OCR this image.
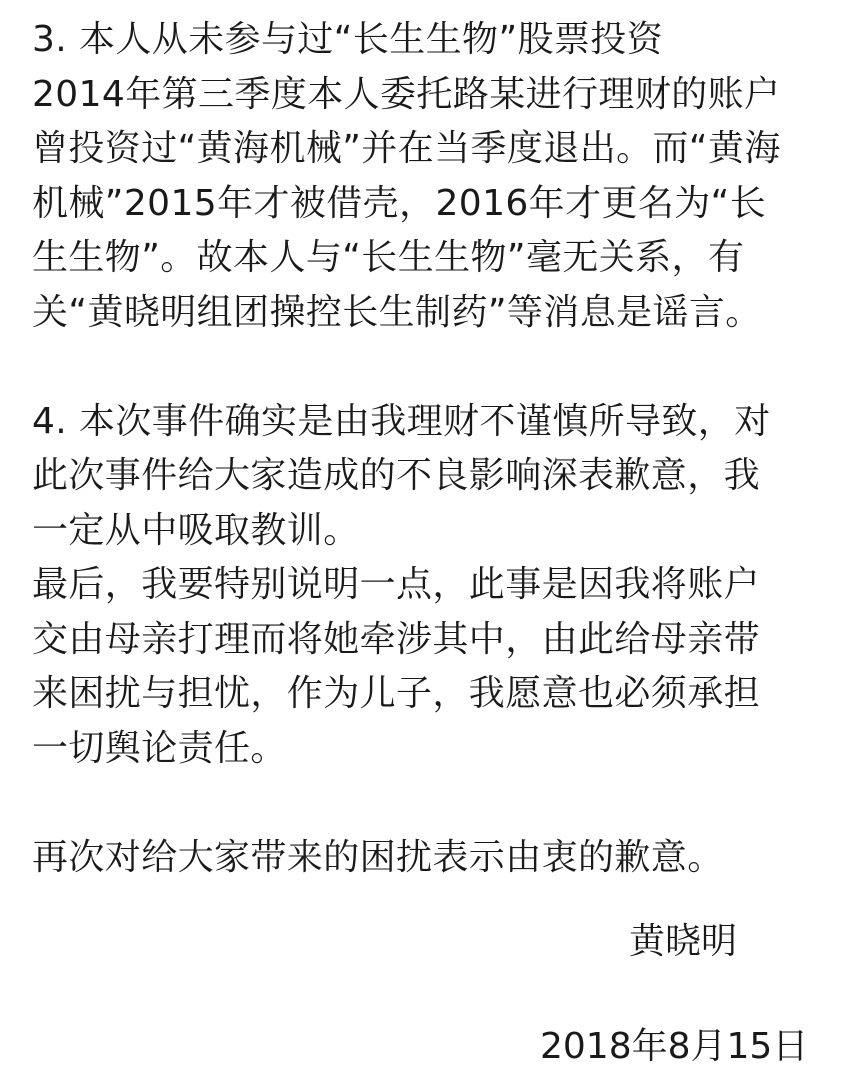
3. 本人从未参与过“长生生物”股票投资
2014年第三季度本人委托路某进行理财的账户
曾投资过“黄海机械”并在当季度退出。而“黄海
机械”2015年才被借壳，2016年才更名为“长
生生物”。故本人与“长生生物”毫无关系，有
关“黄晓明组团操控长生制药”等消息是谣言。
4. 本次事件确实是由我理财不谨慎所导致，对
此次事件给大家造成的不良影响深表歉意，我
一定从中吸取教训。
最后，我要特别说明一点，此事是因我将账户
交由母亲打理而将她牵涉其中，由此给母亲带
来困扰与担忧，作为儿子，我愿意也必须承担
一切舆论责任。
再次对给大家带来的困扰表示由衷的歉意。
黄晓明
2018年8月15日
